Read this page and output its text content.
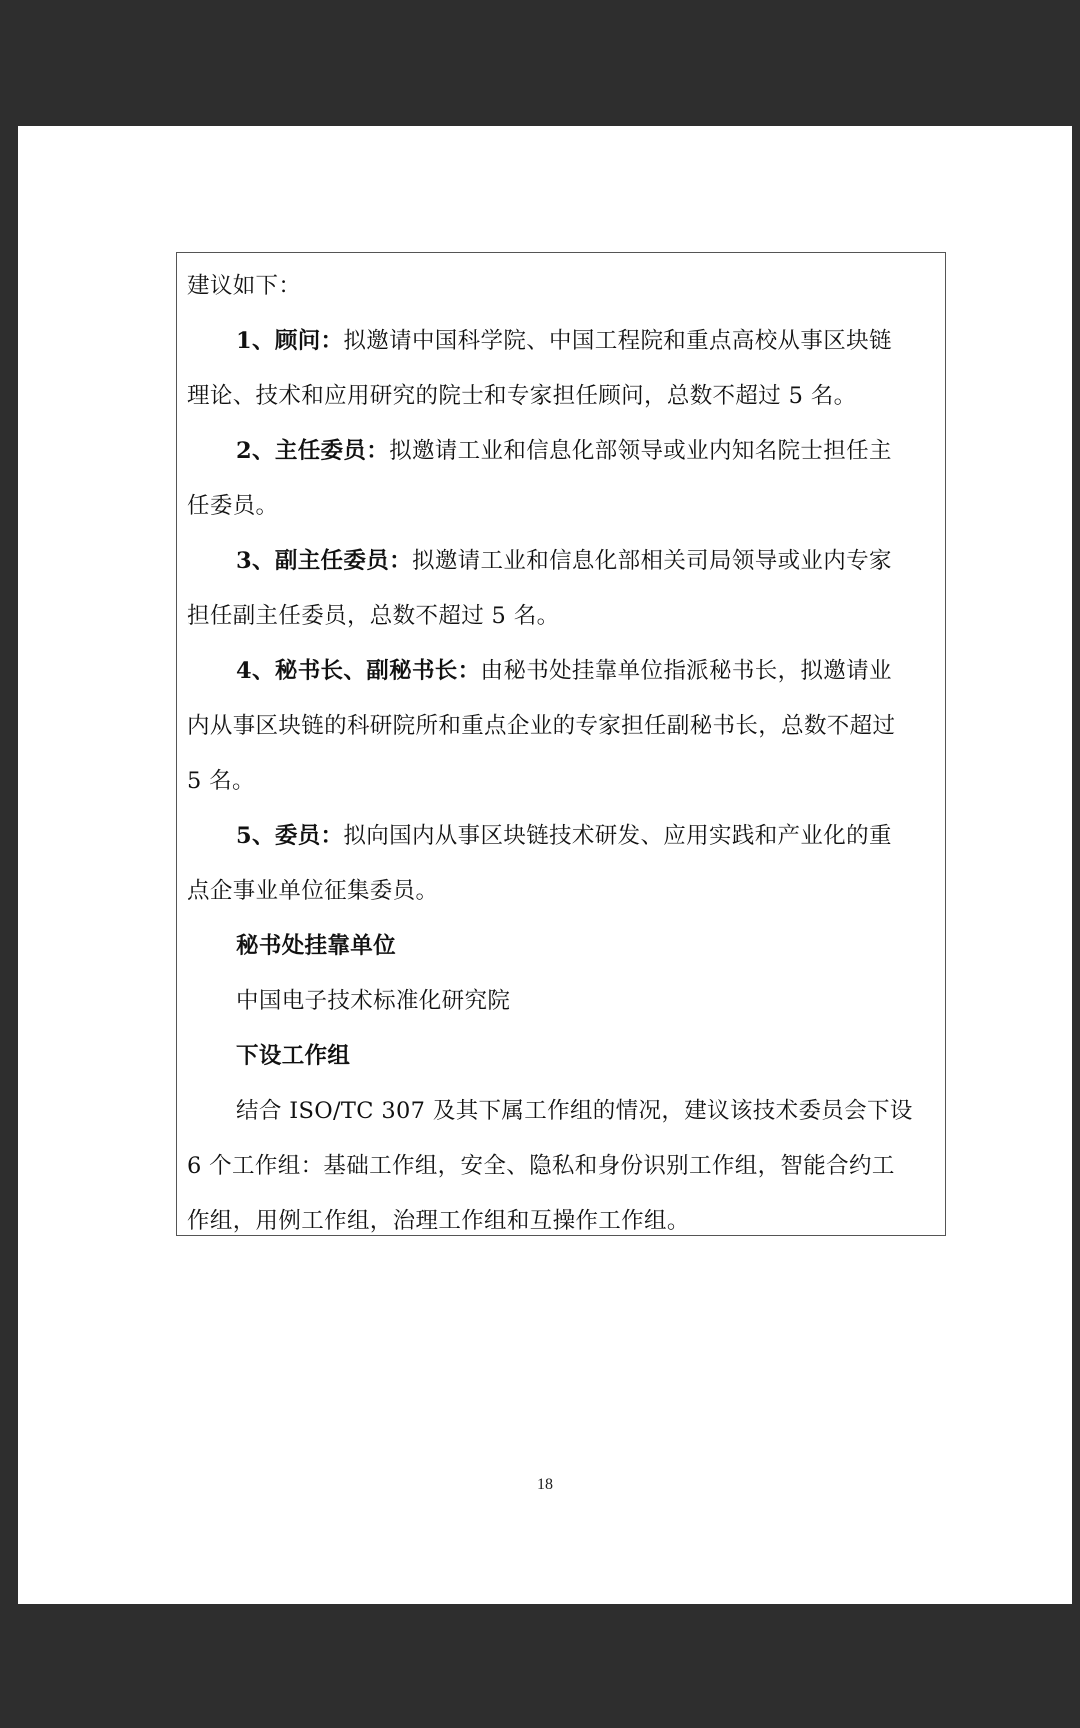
建议如下：
1、顾问：拟邀请中国科学院、中国工程院和重点高校从事区块链
理论、技术和应用研究的院士和专家担任顾问，总数不超过 5 名。
2、主任委员：拟邀请工业和信息化部领导或业内知名院士担任主
任委员。
3、副主任委员：拟邀请工业和信息化部相关司局领导或业内专家
担任副主任委员，总数不超过 5 名。
4、秘书长、副秘书长：由秘书处挂靠单位指派秘书长，拟邀请业
内从事区块链的科研院所和重点企业的专家担任副秘书长，总数不超过
5 名。
5、委员：拟向国内从事区块链技术研发、应用实践和产业化的重
点企事业单位征集委员。
秘书处挂靠单位
中国电子技术标准化研究院
下设工作组
结合 ISO/TC 307 及其下属工作组的情况，建议该技术委员会下设
6 个工作组：基础工作组，安全、隐私和身份识别工作组，智能合约工
作组，用例工作组，治理工作组和互操作工作组。
18
